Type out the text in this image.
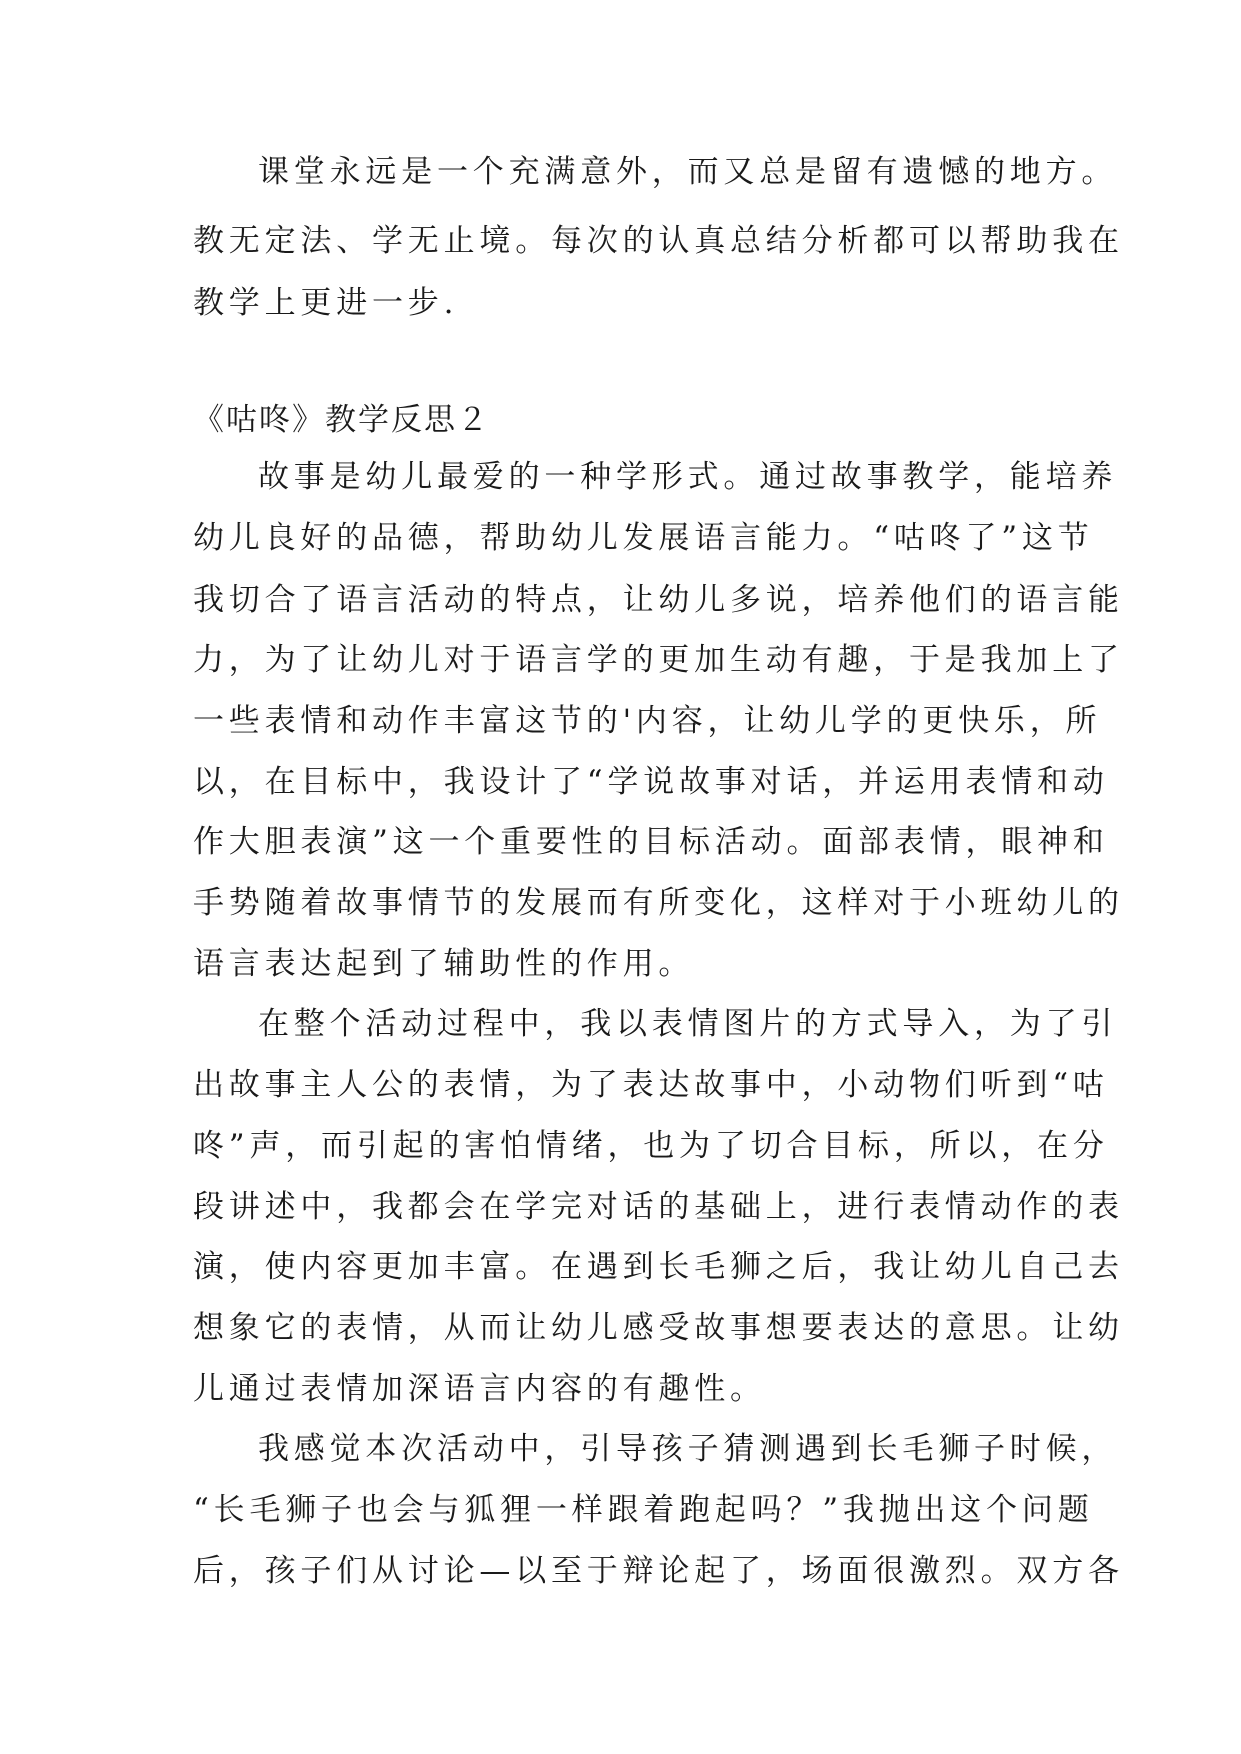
课堂永远是一个充满意外，而又总是留有遗憾的地方。
教无定法、学无止境。每次的认真总结分析都可以帮助我在
教学上更进一步.
《咕咚》教学反思２
故事是幼儿最爱的一种学形式。通过故事教学，能培养
幼儿良好的品德，帮助幼儿发展语言能力。“咕咚了”这节
我切合了语言活动的特点，让幼儿多说，培养他们的语言能
力，为了让幼儿对于语言学的更加生动有趣，于是我加上了
一些表情和动作丰富这节的'内容，让幼儿学的更快乐，所
以，在目标中，我设计了“学说故事对话，并运用表情和动
作大胆表演”这一个重要性的目标活动。面部表情，眼神和
手势随着故事情节的发展而有所变化，这样对于小班幼儿的
语言表达起到了辅助性的作用。
在整个活动过程中，我以表情图片的方式导入，为了引
出故事主人公的表情，为了表达故事中，小动物们听到“咕
咚”声，而引起的害怕情绪，也为了切合目标，所以，在分
段讲述中，我都会在学完对话的基础上，进行表情动作的表
演，使内容更加丰富。在遇到长毛狮之后，我让幼儿自己去
想象它的表情，从而让幼儿感受故事想要表达的意思。让幼
儿通过表情加深语言内容的有趣性。
我感觉本次活动中，引导孩子猜测遇到长毛狮子时候，
“长毛狮子也会与狐狸一样跟着跑起吗？”我抛出这个问题
后，孩子们从讨论—以至于辩论起了，场面很激烈。双方各
